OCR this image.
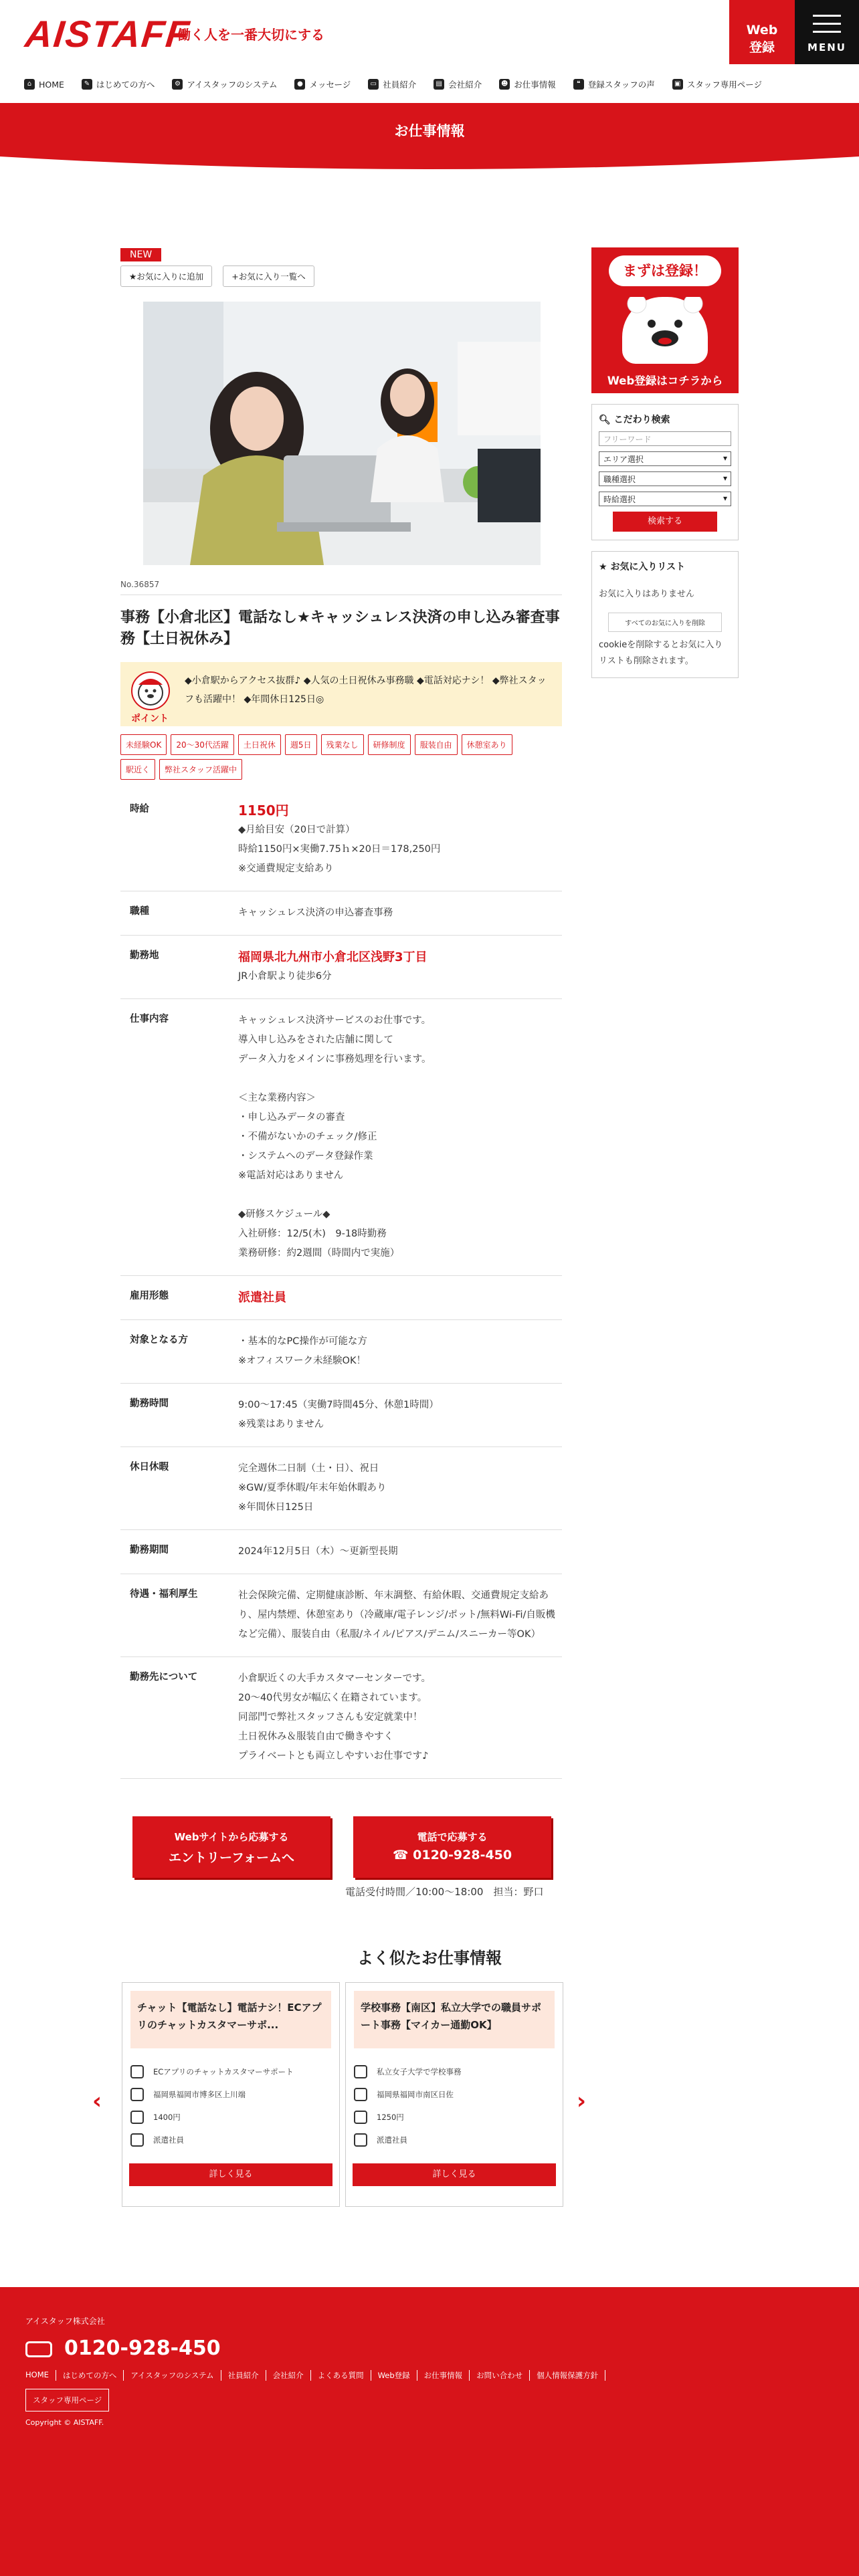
AISTAFF
働く人を一番大切にする	Web
登録	MENU
⌂ HOME	✎ はじめての方へ	⚙ アイスタッフのシステム	● メッセージ	▭ 社員紹介	▤ 会社紹介	☻ お仕事情報	❝ 登録スタッフの声	▣ スタッフ専用ページ
お仕事情報
NEW
★お気に入りに追加	+お気に入り一覧へ
No.36857
事務【小倉北区】電話なし★キャッシュレス決済の申し込み審査事務【土日祝休み】
ポイント
◆小倉駅からアクセス抜群♪ ◆人気の土日祝休み事務職 ◆電話対応ナシ！ ◆弊社スタッフも活躍中！ ◆年間休日125日◎
未経験OK	20〜30代活躍	土日祝休	週5日	残業なし	研修制度	服装自由	休憩室あり
駅近く	弊社スタッフ活躍中
時給	1150円
◆月給目安（20日で計算）
時給1150円×実働7.75ｈ×20日＝178,250円
※交通費規定支給あり
職種	キャッシュレス決済の申込審査事務
勤務地	福岡県北九州市小倉北区浅野3丁目
JR小倉駅より徒歩6分
仕事内容	キャッシュレス決済サービスのお仕事です。
導入申し込みをされた店舗に関して
データ入力をメインに事務処理を行います。

＜主な業務内容＞
・申し込みデータの審査
・不備がないかのチェック/修正
・システムへのデータ登録作業
※電話対応はありません

◆研修スケジュール◆
入社研修：12/5(木)　9-18時勤務
業務研修：約2週間（時間内で実施）
雇用形態	派遣社員
対象となる方	・基本的なPC操作が可能な方
※オフィスワーク未経験OK！
勤務時間	9:00〜17:45（実働7時間45分、休憩1時間）
※残業はありません
休日休暇	完全週休二日制（土・日）、祝日
※GW/夏季休暇/年末年始休暇あり
※年間休日125日
勤務期間	2024年12月5日（木）〜更新型長期
待遇・福利厚生	社会保険完備、定期健康診断、年末調整、有給休暇、交通費規定支給あり、屋内禁煙、休憩室あり（冷蔵庫/電子レンジ/ポット/無料Wi-Fi/自販機など完備）、服装自由（私服/ネイル/ピアス/デニム/スニーカー等OK）
勤務先について	小倉駅近くの大手カスタマーセンターです。
20〜40代男女が幅広く在籍されています。
同部門で弊社スタッフさんも安定就業中！
土日祝休み＆服装自由で働きやすく
プライベートとも両立しやすいお仕事です♪
Webサイトから応募する
エントリーフォームへ
電話で応募する
☎ 0120-928-450
電話受付時間／10:00〜18:00　担当：野口
まずは登録！
Web登録はコチラから
🔍︎ こだわり検索
フリーワード
エリア選択 ▾
職種選択 ▾
時給選択 ▾
検索する
★ お気に入りリスト
お気に入りはありません
すべてのお気に入りを削除
cookieを削除するとお気に入りリストも削除されます。
よく似たお仕事情報
‹	›
チャット【電話なし】電話ナシ！ECアプリのチャットカスタマーサポ...
ECアプリのチャットカスタマーサポート
福岡県福岡市博多区上川端
1400円
派遣社員
詳しく見る
学校事務【南区】私立大学での職員サポート事務【マイカー通勤OK】
私立女子大学で学校事務
福岡県福岡市南区日佐
1250円
派遣社員
詳しく見る
アイスタッフ株式会社
0120-928-450
HOME	はじめての方へ	アイスタッフのシステム	社員紹介	会社紹介	よくある質問	Web登録	お仕事情報	お問い合わせ	個人情報保護方針
スタッフ専用ページ
Copyright © AISTAFF.
